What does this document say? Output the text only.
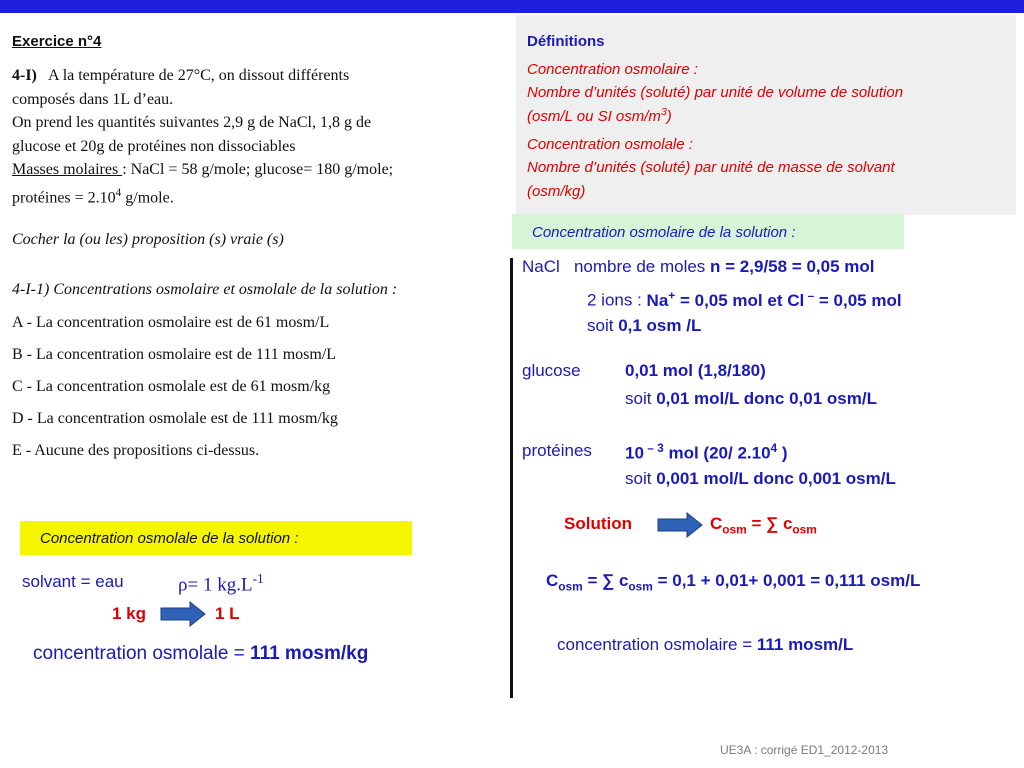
Exercice n°4
4-I) A la température de 27°C, on dissout différents
composés dans 1L d’eau.
On prend les quantités suivantes 2,9 g de NaCl, 1,8 g de
glucose et 20g de protéines non dissociables
Masses molaires : NaCl = 58 g/mole; glucose= 180 g/mole;
protéines = $2.10^4$ g/mole.
Cocher la (ou les) proposition (s) vraie (s)
4-I-1) Concentrations osmolaire et osmolale de la solution :
A - La concentration osmolaire est de 61 mosm/L
B - La concentration osmolaire est de 111 mosm/L
C - La concentration osmolale est de 61 mosm/kg
D - La concentration osmolale est de 111 mosm/kg
E - Aucune des propositions ci-dessus.
Concentration osmolale de la solution :
solvant = eau	ρ= 1 $kg.L^{-1}$
1 kg	1 L
concentration osmolale = 111 mosm/kg
Définitions
Concentration osmolaire :
Nombre d’unités (soluté) par unité de volume de solution
(osm/L ou SI osm/$m^3$)
Concentration osmolale :
Nombre d’unités (soluté) par unité de masse de solvant
(osm/kg)
Concentration osmolaire de la solution :
NaCl nombre de moles n = 2,9/58 = 0,05 mol
2 ions : Na+ = 0,05 mol et Cl – = 0,05 mol
soit 0,1 osm /L
glucose	0,01 mol (1,8/180)
soit 0,01 mol/L donc 0,01 osm/L
protéines 10 $^{- 3}$ mol (20/ 2.10$^4$ )
soit 0,001 mol/L donc 0,001 osm/L
Solution	$C_{osm}$ = ∑ $c_{osm}$
$C_{osm}$ = ∑ $c_{osm} = 0,1 + 0,01+ 0,001 = 0,111$ osm/L
concentration osmolaire = 111 mosm/L
UE3A : corrigé ED1_2012-2013
